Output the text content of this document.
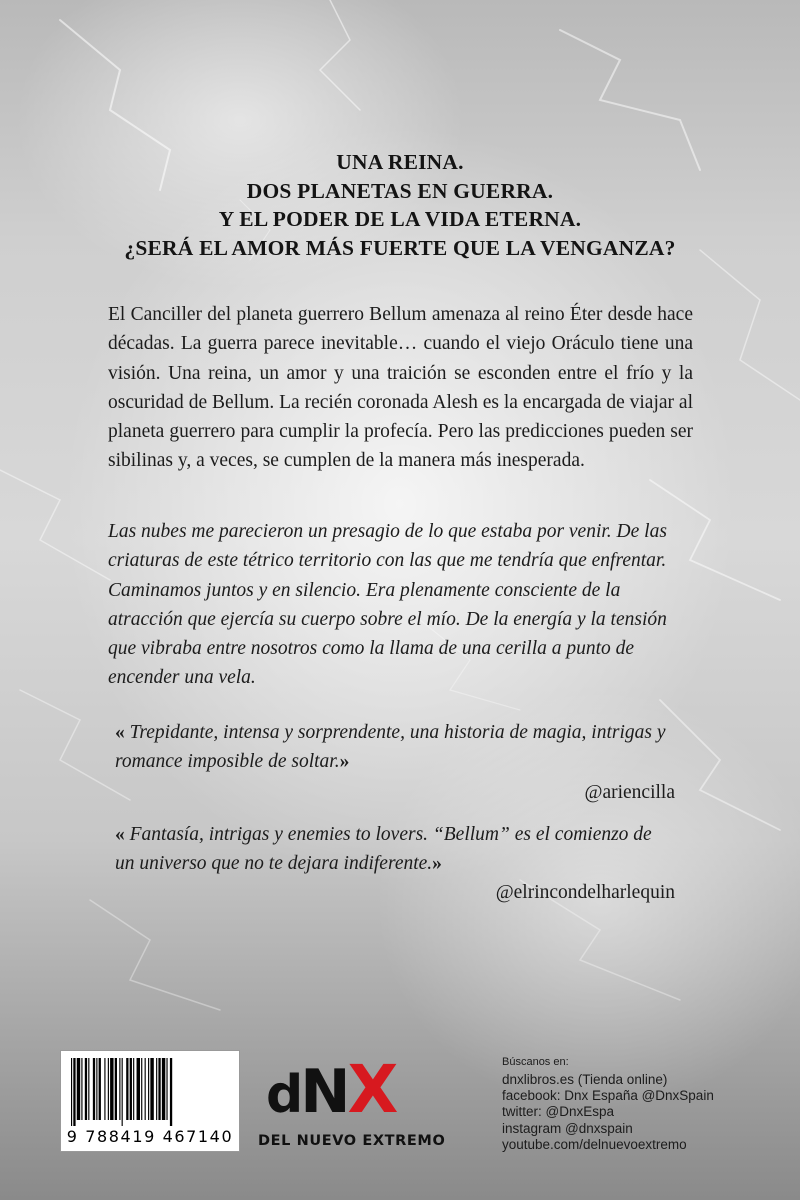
UNA REINA.
DOS PLANETAS EN GUERRA.
Y EL PODER DE LA VIDA ETERNA.
¿SERÁ EL AMOR MÁS FUERTE QUE LA VENGANZA?
El Canciller del planeta guerrero Bellum amenaza al reino Éter desde hace décadas. La guerra parece inevitable… cuando el viejo Oráculo tiene una visión. Una reina, un amor y una traición se esconden entre el frío y la oscuridad de Bellum. La recién coronada Alesh es la encargada de viajar al planeta guerrero para cumplir la profecía. Pero las predicciones pueden ser sibilinas y, a veces, se cumplen de la manera más inesperada.

Las nubes me parecieron un presagio de lo que estaba por venir. De las criaturas de este tétrico territorio con las que me tendría que enfrentar.

Caminamos juntos y en silencio. Era plenamente consciente de la atracción que ejercía su cuerpo sobre el mío. De la energía y la tensión que vibraba entre nosotros como la llama de una cerilla a punto de encender una vela.

« Trepidante, intensa y sorprendente, una historia de magia, intrigas y romance imposible de soltar.»
@ariencilla
« Fantasía, intrigas y enemies to lovers. “Bellum” es el comienzo de un universo que no te dejara indiferente.»
@elrincondelharlequin
9 788419 467140
dNX
DEL NUEVO EXTREMO
Búscanos en:
dnxlibros.es (Tienda online)
facebook: Dnx España @DnxSpain
twitter: @DnxEspa
instagram @dnxspain
youtube.com/delnuevoextremo
